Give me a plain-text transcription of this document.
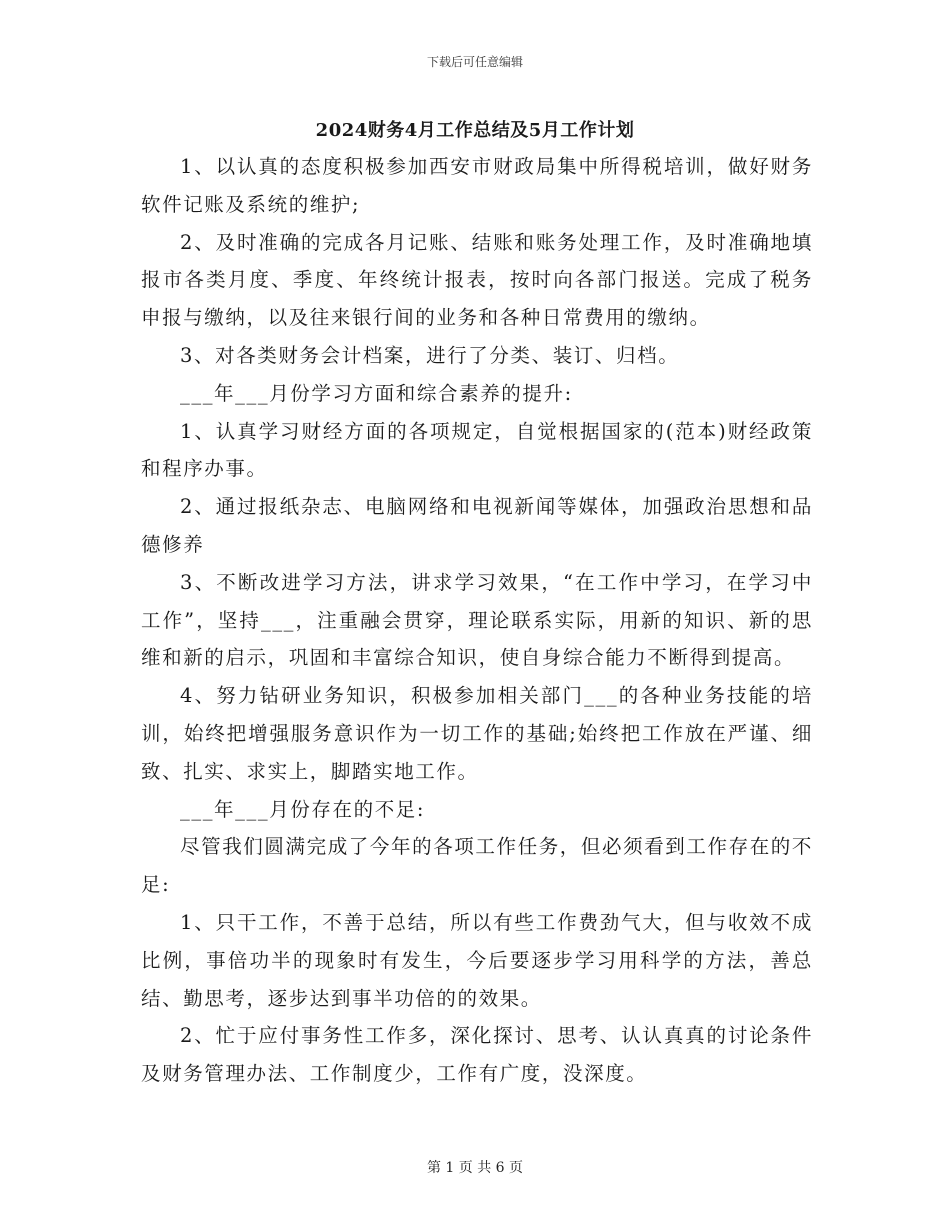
下载后可任意编辑
2024财务4月工作总结及5月工作计划

1、以认真的态度积极参加西安市财政局集中所得税培训，做好财务软件记账及系统的维护;

2、及时准确的完成各月记账、结账和账务处理工作，及时准确地填报市各类月度、季度、年终统计报表，按时向各部门报送。完成了税务申报与缴纳，以及往来银行间的业务和各种日常费用的缴纳。

3、对各类财务会计档案，进行了分类、装订、归档。

___年___月份学习方面和综合素养的提升:

1、认真学习财经方面的各项规定，自觉根据国家的(范本)财经政策和程序办事。

2、通过报纸杂志、电脑网络和电视新闻等媒体，加强政治思想和品德修养

3、不断改进学习方法，讲求学习效果，“在工作中学习，在学习中工作”，坚持___，注重融会贯穿，理论联系实际，用新的知识、新的思维和新的启示，巩固和丰富综合知识，使自身综合能力不断得到提高。

4、努力钻研业务知识，积极参加相关部门___的各种业务技能的培训，始终把增强服务意识作为一切工作的基础;始终把工作放在严谨、细致、扎实、求实上，脚踏实地工作。

___年___月份存在的不足:

尽管我们圆满完成了今年的各项工作任务，但必须看到工作存在的不足:

1、只干工作，不善于总结，所以有些工作费劲气大，但与收效不成比例，事倍功半的现象时有发生，今后要逐步学习用科学的方法，善总结、勤思考，逐步达到事半功倍的的效果。

2、忙于应付事务性工作多，深化探讨、思考、认认真真的讨论条件及财务管理办法、工作制度少，工作有广度，没深度。

第 1 页 共 6 页
